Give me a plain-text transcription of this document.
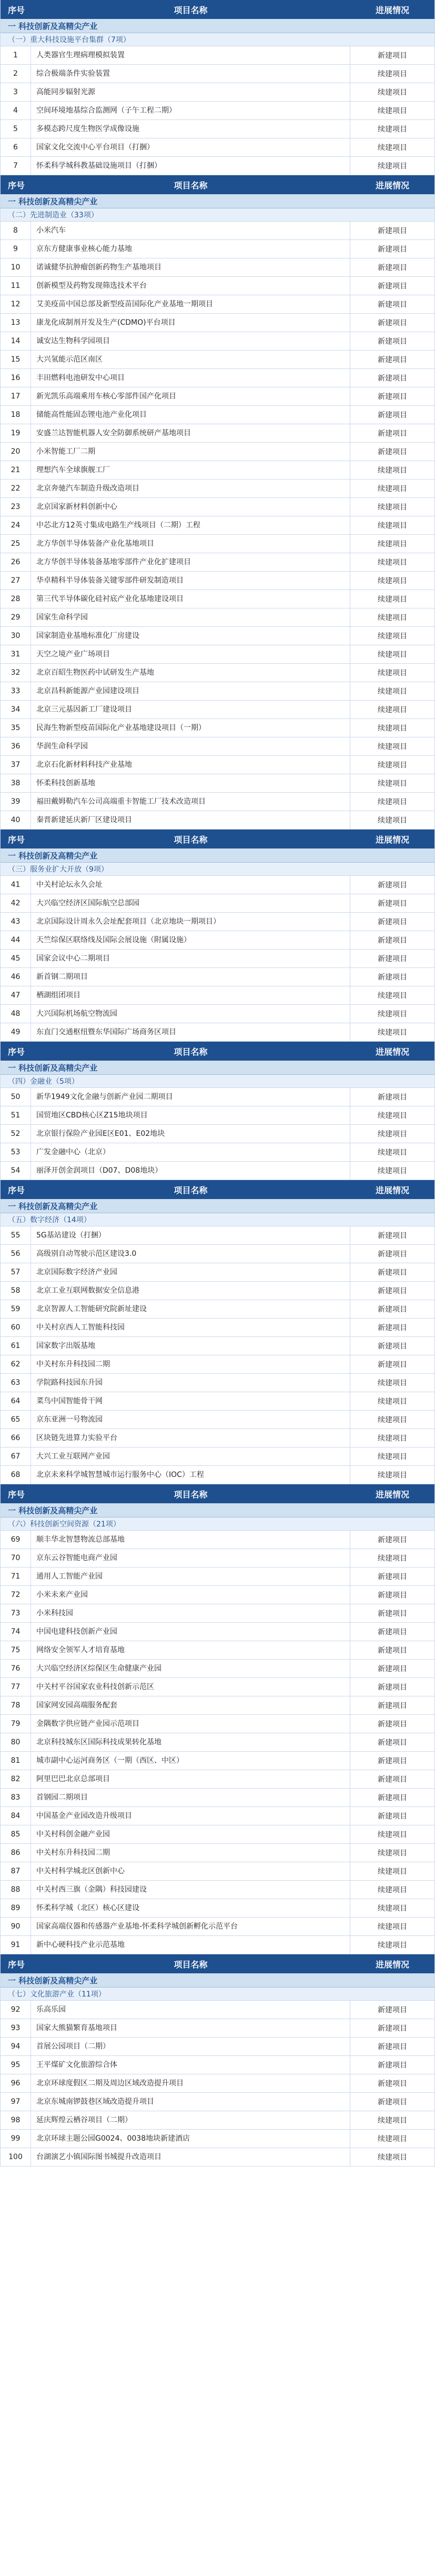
序号	项目名称	进展情况
一 科技创新及高精尖产业
（一）重大科技设施平台集群（7项）
1	人类器官生理病理模拟装置	新建项目
2	综合极端条件实验装置	续建项目
3	高能同步辐射光源	续建项目
4	空间环境地基综合监测网（子午工程二期）	续建项目
5	多模态跨尺度生物医学成像设施	续建项目
6	国家文化交流中心平台项目（打捆）	续建项目
7	怀柔科学城科教基础设施项目（打捆）	续建项目
序号	项目名称	进展情况
一 科技创新及高精尖产业
（二）先进制造业（33项）
8	小米汽车	新建项目
9	京东方健康事业核心能力基地	新建项目
10	诺诚健华抗肿瘤创新药物生产基地项目	新建项目
11	创新模型及药物发现筛选技术平台	新建项目
12	艾美疫苗中国总部及新型疫苗国际化产业基地一期项目	新建项目
13	康龙化成制剂开发及生产(CDMO)平台项目	新建项目
14	诚安达生物科学园项目	新建项目
15	大兴氢能示范区南区	新建项目
16	丰田燃料电池研发中心项目	新建项目
17	新光凯乐高端乘用车核心零部件国产化项目	新建项目
18	储能高性能固态锂电池产业化项目	新建项目
19	安盛兰达智能机器人安全防御系统研产基地项目	新建项目
20	小米智能工厂二期	新建项目
21	理想汽车全球旗舰工厂	续建项目
22	北京奔驰汽车制造升级改造项目	续建项目
23	北京国家新材料创新中心	续建项目
24	中芯北方12英寸集成电路生产线项目（二期）工程	续建项目
25	北方华创半导体装备产业化基地项目	续建项目
26	北方华创半导体装备基地零部件产业化扩建项目	续建项目
27	华卓精科半导体装备关键零部件研发制造项目	续建项目
28	第三代半导体碳化硅衬底产业化基地建设项目	续建项目
29	国家生命科学园	续建项目
30	国家制造业基地标准化厂房建设	续建项目
31	天空之境产业广场项目	续建项目
32	北京百昭生物医药中试研发生产基地	续建项目
33	北京昌科新能源产业园建设项目	续建项目
34	北京三元基因新工厂建设项目	续建项目
35	民海生物新型疫苗国际化产业基地建设项目（一期）	续建项目
36	华润生命科学园	续建项目
37	北京石化新材料科技产业基地	续建项目
38	怀柔科技创新基地	续建项目
39	福田戴姆勒汽车公司高端重卡智能工厂技术改造项目	续建项目
40	秦晋新建延庆新厂区建设项目	续建项目
序号	项目名称	进展情况
一 科技创新及高精尖产业
（三）服务业扩大开放（9项）
41	中关村论坛永久会址	新建项目
42	大兴临空经济区国际航空总部园	新建项目
43	北京国际设计周永久会址配套项目（北京地块一期项目）	新建项目
44	天竺综保区联络线及国际会展设施（附属设施）	新建项目
45	国家会议中心二期项目	新建项目
46	新首钢二期项目	新建项目
47	栖湖组团项目	续建项目
48	大兴国际机场航空物流园	续建项目
49	东直门交通枢纽暨东华国际广场商务区项目	续建项目
序号	项目名称	进展情况
一 科技创新及高精尖产业
（四）金融业（5项）
50	新华1949文化金融与创新产业园二期项目	新建项目
51	国贸地区CBD核心区Z15地块项目	续建项目
52	北京银行保险产业园E区E01、E02地块	续建项目
53	广发金融中心（北京）	续建项目
54	丽泽开创金润项目（D07、D08地块）	续建项目
序号	项目名称	进展情况
一 科技创新及高精尖产业
（五）数字经济（14项）
55	5G基站建设（打捆）	新建项目
56	高级别自动驾驶示范区建设3.0	新建项目
57	北京国际数字经济产业园	新建项目
58	北京工业互联网数据安全信息港	新建项目
59	北京智源人工智能研究院新址建设	新建项目
60	中关村京西人工智能科技园	新建项目
61	国家数字出版基地	新建项目
62	中关村东升科技园二期	新建项目
63	学院路科技园东升园	续建项目
64	菜鸟中国智能骨干网	续建项目
65	京东亚洲一号物流园	续建项目
66	区块链先进算力实验平台	续建项目
67	大兴工业互联网产业园	续建项目
68	北京未来科学城智慧城市运行服务中心（IOC）工程	续建项目
序号	项目名称	进展情况
一 科技创新及高精尖产业
（六）科技创新空间资源（21项）
69	顺丰华北智慧物流总部基地	新建项目
70	京东云谷智能电商产业园	续建项目
71	通用人工智能产业园	新建项目
72	小米未来产业园	新建项目
73	小米科技园	新建项目
74	中国电建科技创新产业园	新建项目
75	网络安全领军人才培育基地	新建项目
76	大兴临空经济区综保区生命健康产业园	新建项目
77	中关村平谷国家农业科技创新示范区	新建项目
78	国家网安园高端服务配套	新建项目
79	金隅数字供应链产业园示范项目	新建项目
80	北京科技城东区国际科技成果转化基地	新建项目
81	城市副中心运河商务区（一期（西区、中区）	新建项目
82	阿里巴巴北京总部项目	新建项目
83	首钢园二期项目	新建项目
84	中国基金产业园改造升级项目	新建项目
85	中关村科创金融产业园	续建项目
86	中关村东升科技园二期	续建项目
87	中关村科学城北区创新中心	续建项目
88	中关村西三旗（金隅）科技园建设	续建项目
89	怀柔科学城（北区）核心区建设	续建项目
90	国家高端仪器和传感器产业基地-怀柔科学城创新孵化示范平台	续建项目
91	新中心硬科技产业示范基地	续建项目
序号	项目名称	进展情况
一 科技创新及高精尖产业
（七）文化旅游产业（11项）
92	乐高乐园	新建项目
93	国家大熊猫繁育基地项目	新建项目
94	首展公园项目（二期）	新建项目
95	王平煤矿文化旅游综合体	新建项目
96	北京环球度假区二期及周边区域改造提升项目	新建项目
97	北京东城南锣鼓巷区域改造提升项目	新建项目
98	延庆辉煌云栖谷项目（二期）	续建项目
99	北京环球主题公园G0024、0038地块新建酒店	续建项目
100	台湖演艺小镇国际图书城提升改造项目	续建项目
